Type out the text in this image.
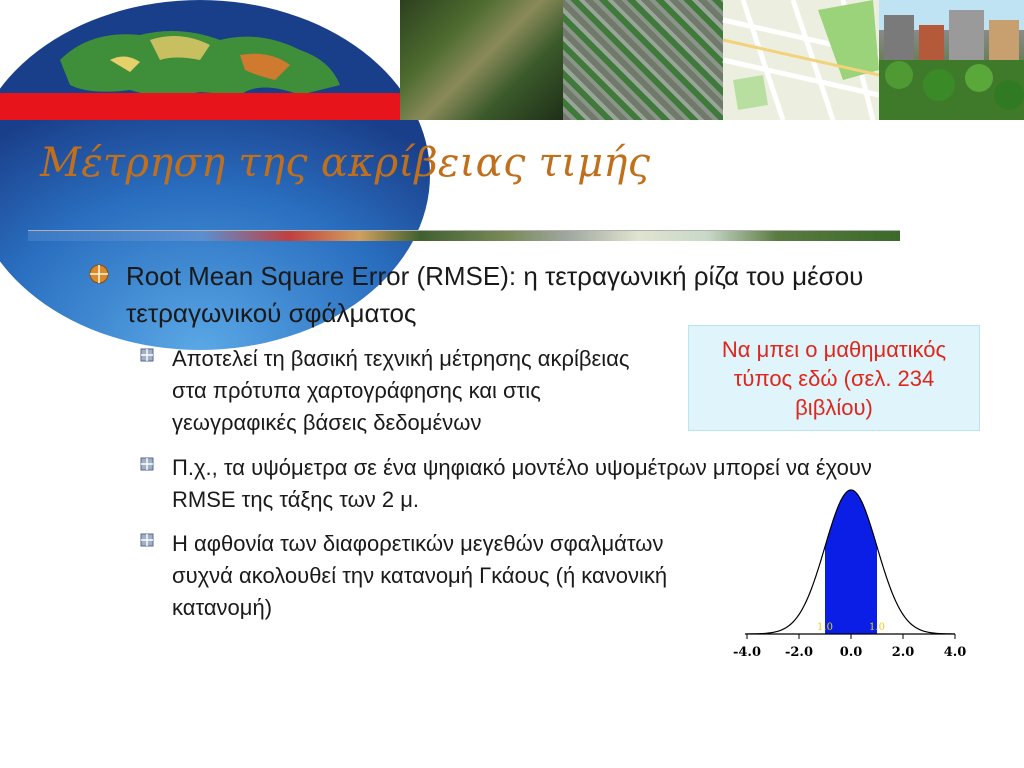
Μέτρηση της ακρίβειας τιμής
Root Mean Square Error (RMSE): η τετραγωνική ρίζα του μέσου τετραγωνικού σφάλματος
Αποτελεί τη βασική τεχνική μέτρησης ακρίβειας στα πρότυπα χαρτογράφησης και στις γεωγραφικές βάσεις δεδομένων
Π.χ., τα υψόμετρα σε ένα ψηφιακό μοντέλο υψομέτρων μπορεί να έχουν RMSE της τάξης των 2 μ.
Η αφθονία των διαφορετικών μεγεθών σφαλμάτων συχνά ακολουθεί την κατανομή Γκάους (ή κανονική κατανομή)
Να μπει ο μαθηματικός τύπος εδώ (σελ. 234 βιβλίου)
-4.0 -2.0 0.0 2.0 4.0
1.0	1.0
